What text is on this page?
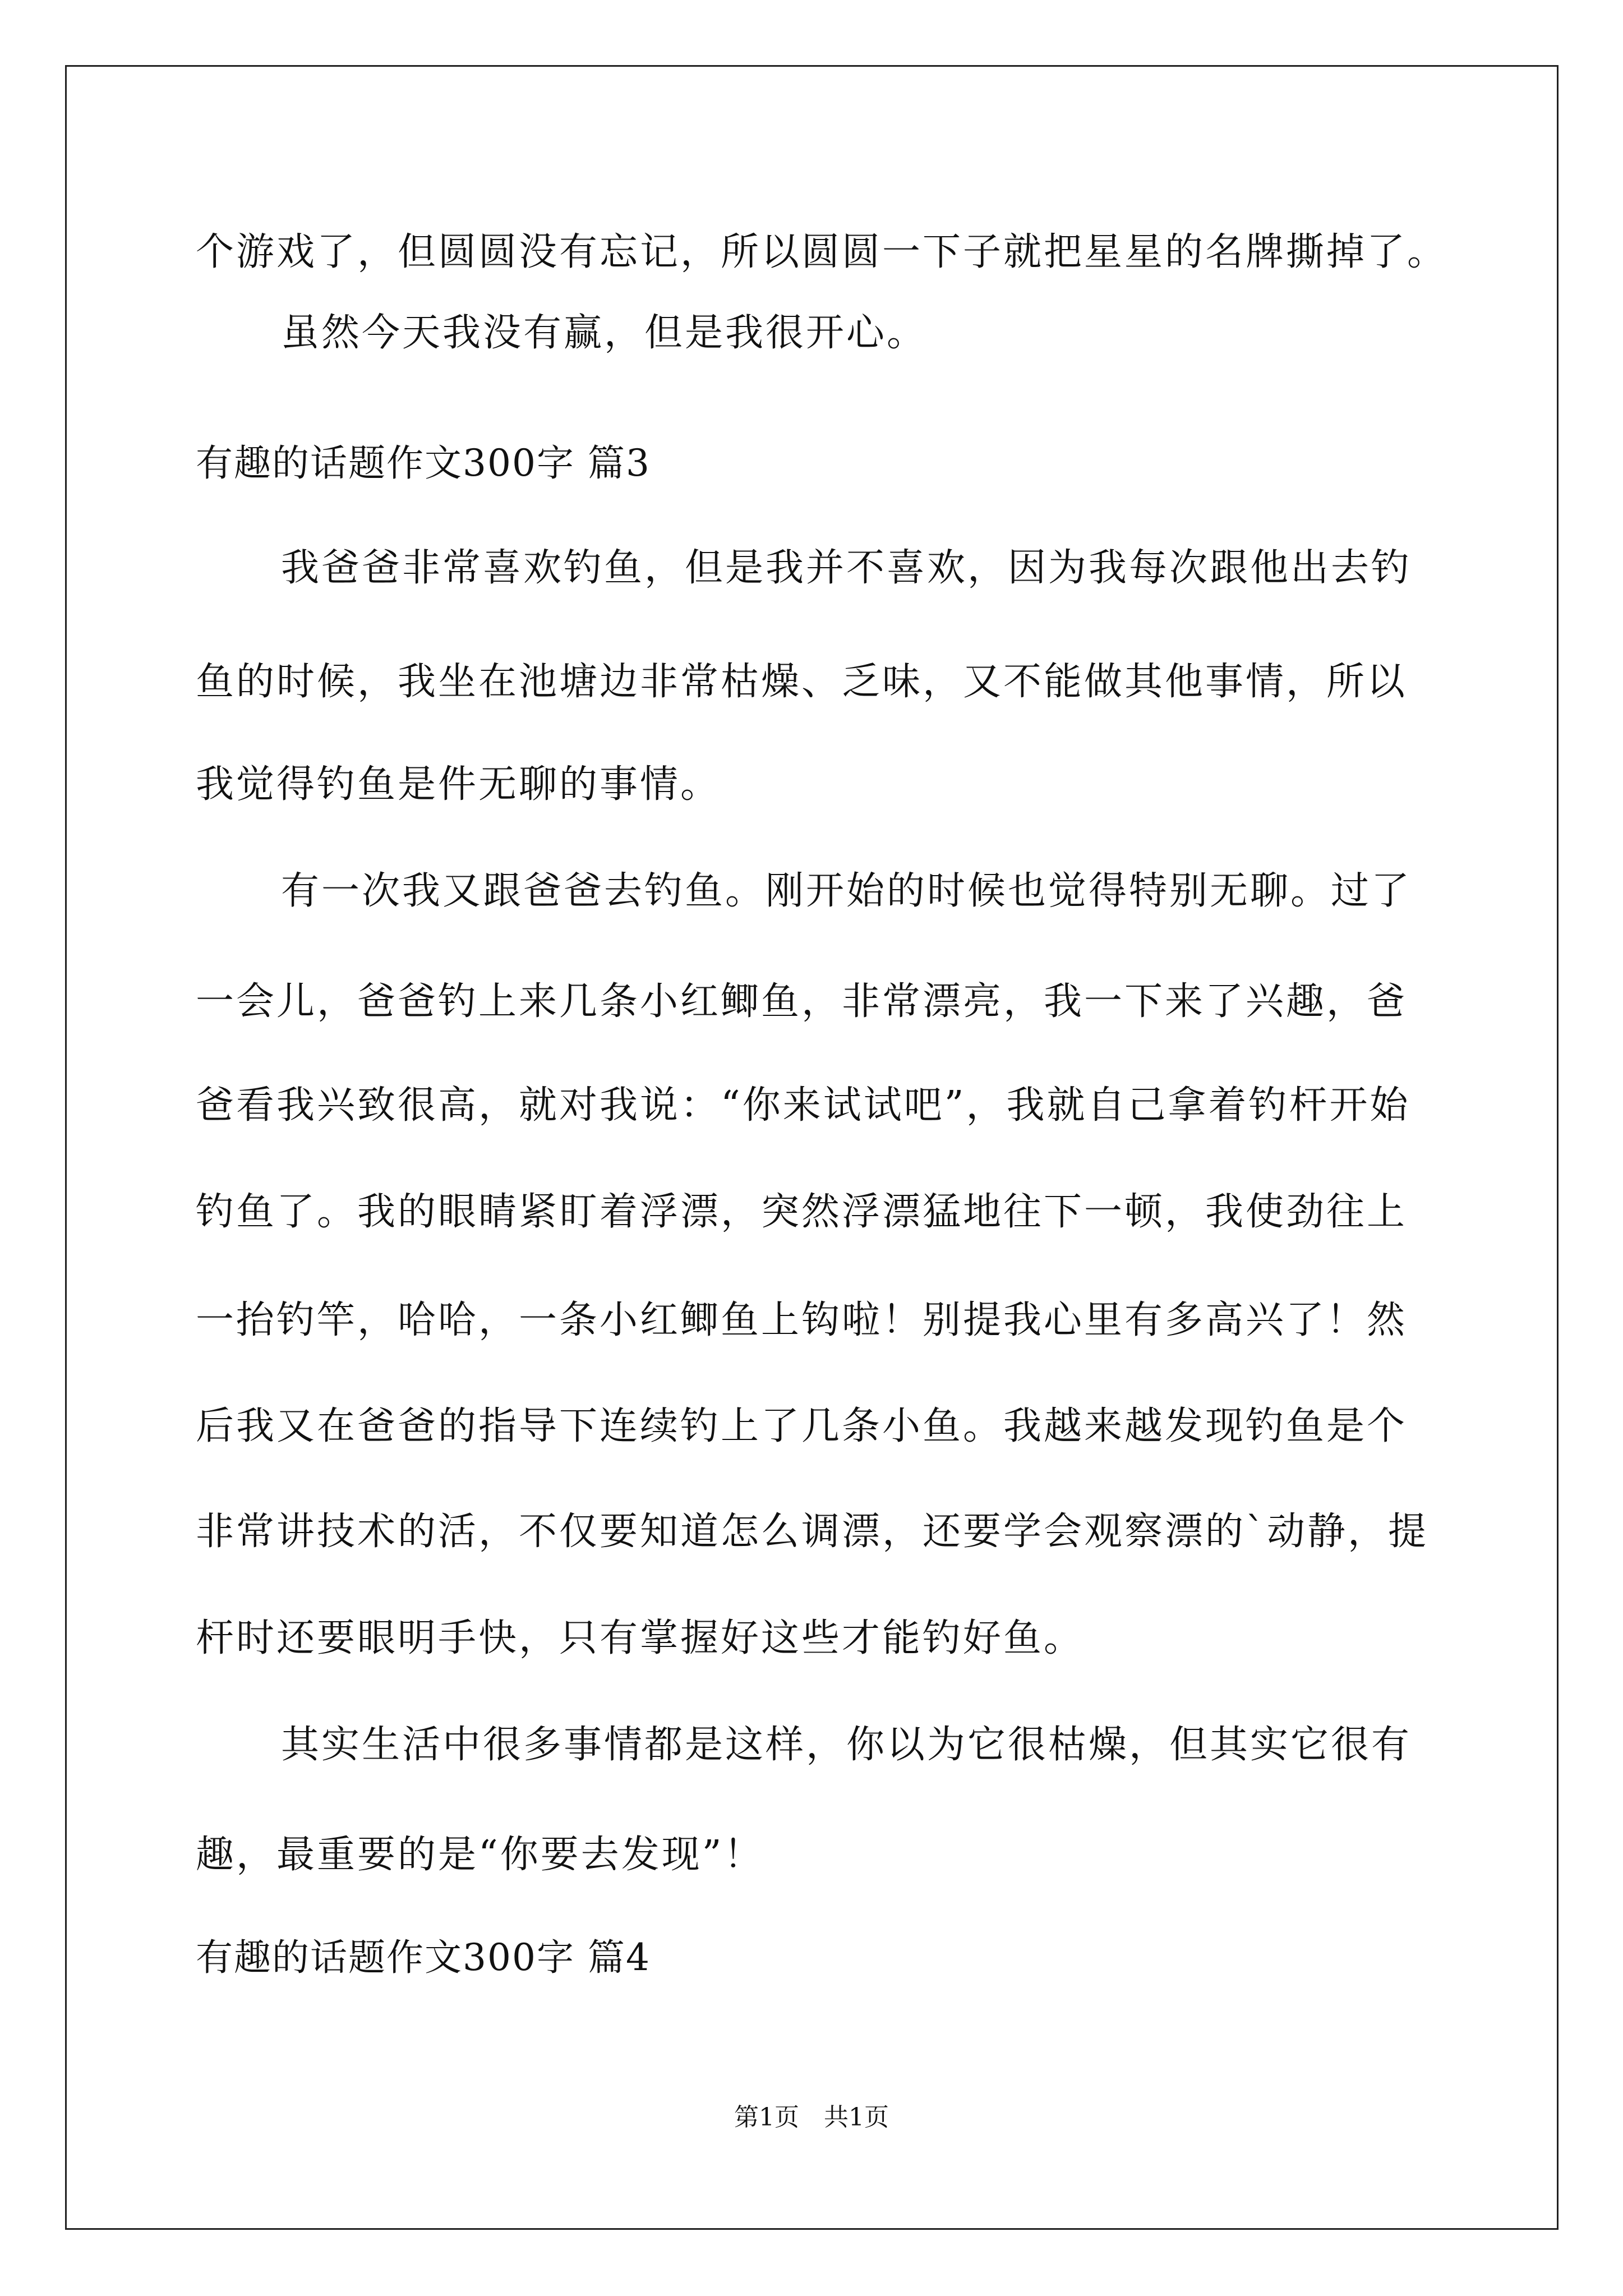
个游戏了，但圆圆没有忘记，所以圆圆一下子就把星星的名牌撕掉了。
虽然今天我没有赢，但是我很开心。
有趣的话题作文300字 篇3
我爸爸非常喜欢钓鱼，但是我并不喜欢，因为我每次跟他出去钓
鱼的时候，我坐在池塘边非常枯燥、乏味，又不能做其他事情，所以
我觉得钓鱼是件无聊的事情。
有一次我又跟爸爸去钓鱼。刚开始的时候也觉得特别无聊。过了
一会儿，爸爸钓上来几条小红鲫鱼，非常漂亮，我一下来了兴趣，爸
爸看我兴致很高，就对我说：“你来试试吧”，我就自己拿着钓杆开始
钓鱼了。我的眼睛紧盯着浮漂，突然浮漂猛地往下一顿，我使劲往上
一抬钓竿，哈哈，一条小红鲫鱼上钩啦！别提我心里有多高兴了！然
后我又在爸爸的指导下连续钓上了几条小鱼。我越来越发现钓鱼是个
非常讲技术的活，不仅要知道怎么调漂，还要学会观察漂的`动静，提
杆时还要眼明手快，只有掌握好这些才能钓好鱼。
其实生活中很多事情都是这样，你以为它很枯燥，但其实它很有
趣，最重要的是“你要去发现”！
有趣的话题作文300字 篇4
第1页　共1页
